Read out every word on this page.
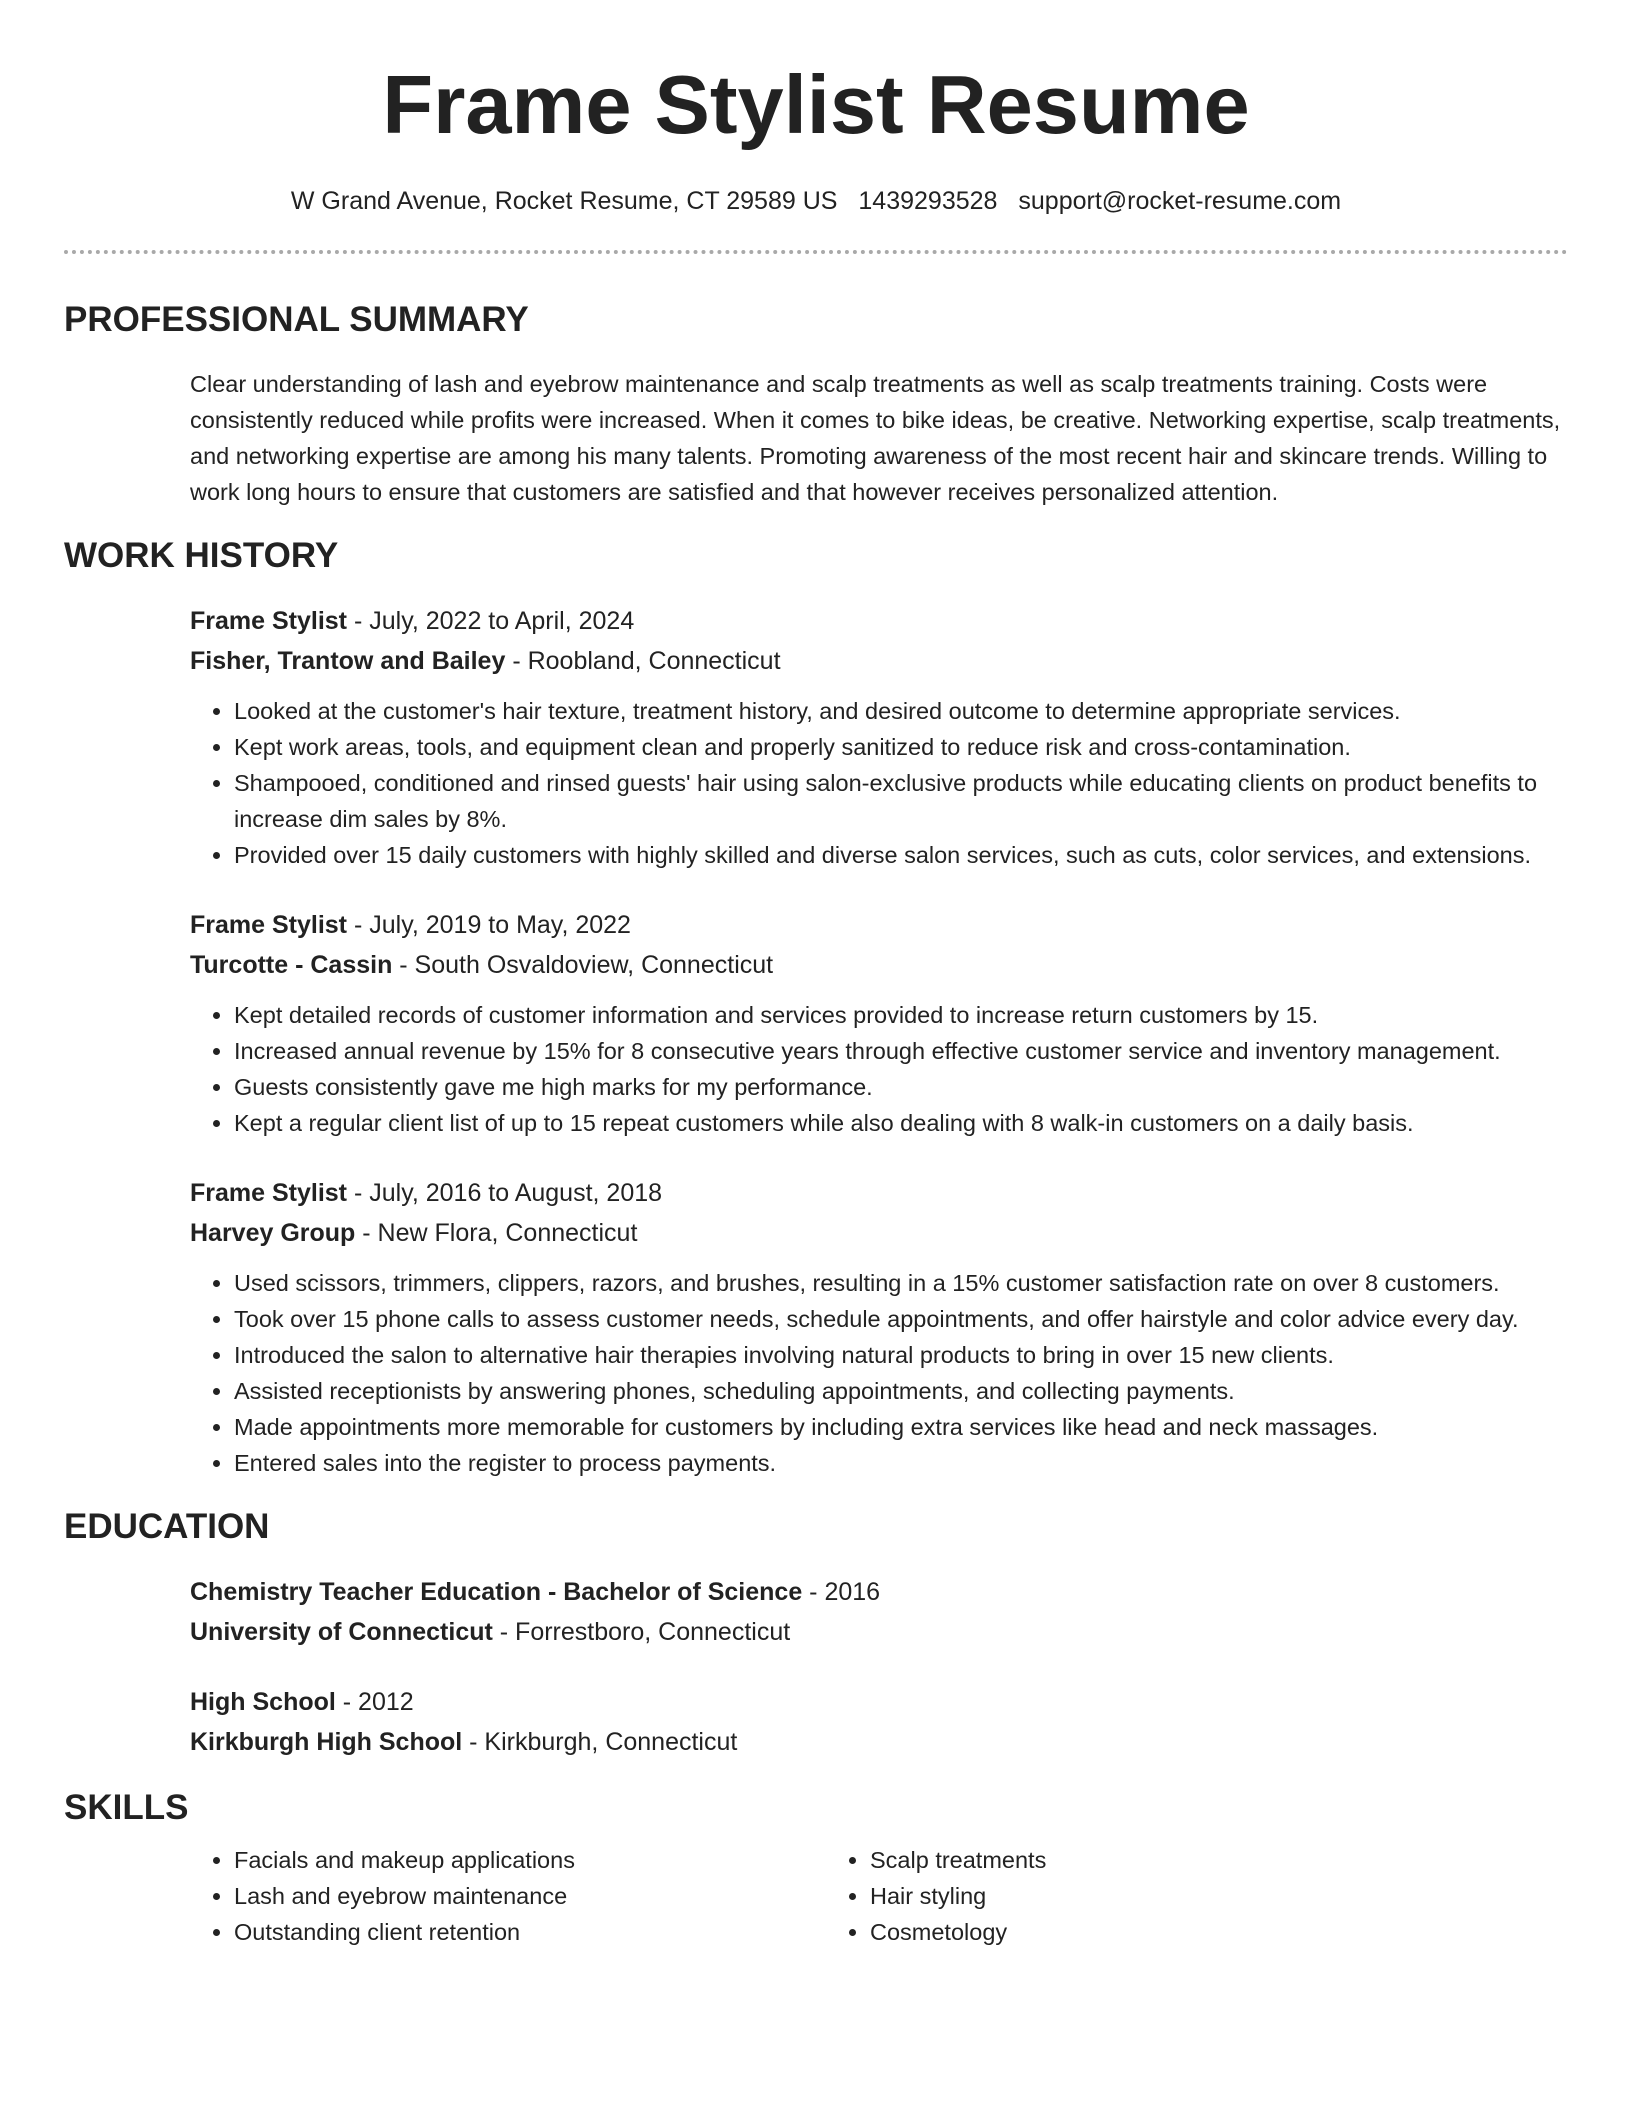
Frame Stylist Resume
W Grand Avenue, Rocket Resume, CT 29589 US 1439293528 support@rocket-resume.com
PROFESSIONAL SUMMARY

Clear understanding of lash and eyebrow maintenance and scalp treatments as well as scalp treatments training. Costs were consistently reduced while profits were increased. When it comes to bike ideas, be creative. Networking expertise, scalp treatments, and networking expertise are among his many talents. Promoting awareness of the most recent hair and skincare trends. Willing to work long hours to ensure that customers are satisfied and that however receives personalized attention.

WORK HISTORY
Frame Stylist - July, 2022 to April, 2024
Fisher, Trantow and Bailey - Roobland, Connecticut
• Looked at the customer's hair texture, treatment history, and desired outcome to determine appropriate services.
• Kept work areas, tools, and equipment clean and properly sanitized to reduce risk and cross-contamination.
• Shampooed, conditioned and rinsed guests' hair using salon-exclusive products while educating clients on product benefits to increase dim sales by 8%.
• Provided over 15 daily customers with highly skilled and diverse salon services, such as cuts, color services, and extensions.
Frame Stylist - July, 2019 to May, 2022
Turcotte - Cassin - South Osvaldoview, Connecticut
• Kept detailed records of customer information and services provided to increase return customers by 15.
• Increased annual revenue by 15% for 8 consecutive years through effective customer service and inventory management.
• Guests consistently gave me high marks for my performance.
• Kept a regular client list of up to 15 repeat customers while also dealing with 8 walk-in customers on a daily basis.
Frame Stylist - July, 2016 to August, 2018
Harvey Group - New Flora, Connecticut
• Used scissors, trimmers, clippers, razors, and brushes, resulting in a 15% customer satisfaction rate on over 8 customers.
• Took over 15 phone calls to assess customer needs, schedule appointments, and offer hairstyle and color advice every day.
• Introduced the salon to alternative hair therapies involving natural products to bring in over 15 new clients.
• Assisted receptionists by answering phones, scheduling appointments, and collecting payments.
• Made appointments more memorable for customers by including extra services like head and neck massages.
• Entered sales into the register to process payments.
EDUCATION
Chemistry Teacher Education - Bachelor of Science - 2016
University of Connecticut - Forrestboro, Connecticut
High School - 2012
Kirkburgh High School - Kirkburgh, Connecticut
SKILLS
• Facials and makeup applications
• Lash and eyebrow maintenance
• Outstanding client retention
• Scalp treatments
• Hair styling
• Cosmetology
